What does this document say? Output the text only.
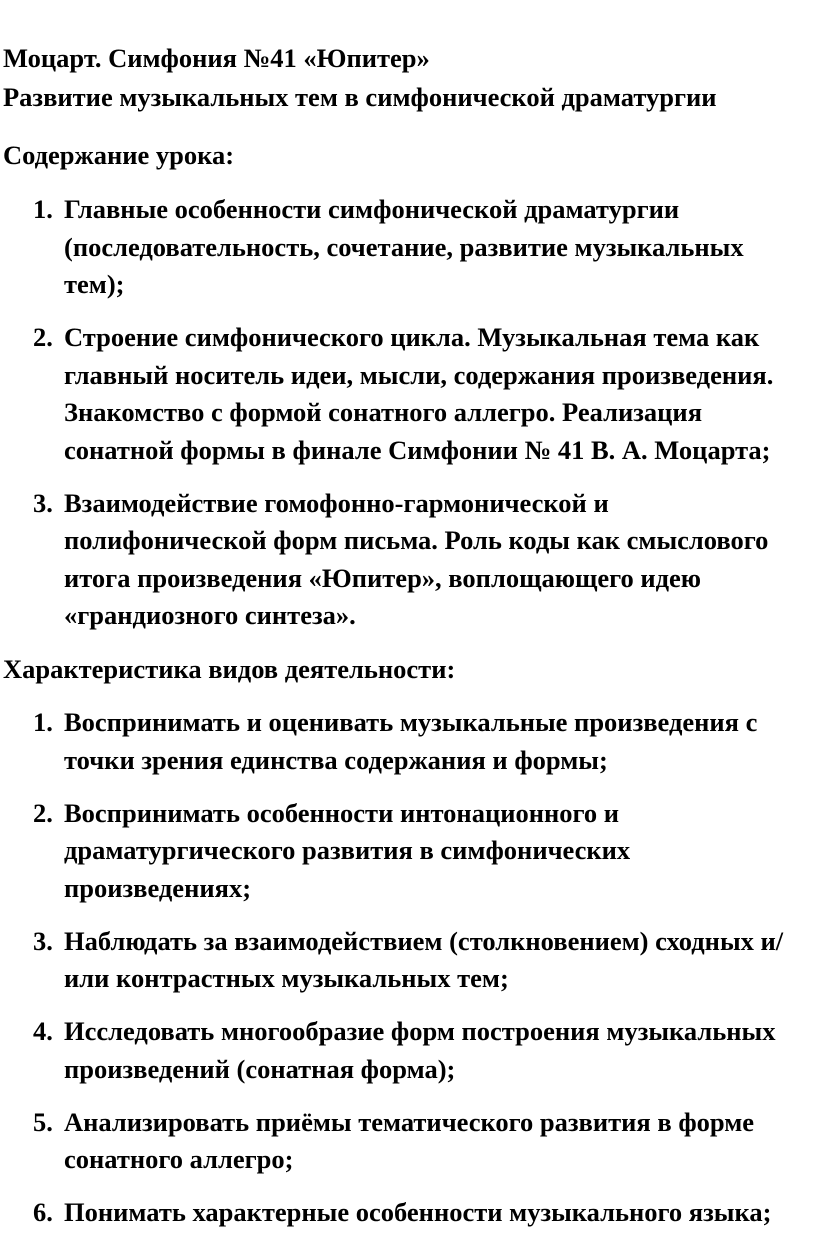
Моцарт. Симфония №41 «Юпитер»

Развитие музыкальных тем в симфонической драматургии

Содержание урока:

1. Главные особенности симфонической драматургии (последовательность, сочетание, развитие музыкальных тем);
2. Строение симфонического цикла. Музыкальная тема как главный носитель идеи, мысли, содержания произведения. Знакомство с формой сонатного аллегро. Реализация сонатной формы в финале Симфонии № 41 В. А. Моцарта;
3. Взаимодействие гомофонно-гармонической и полифонической форм письма. Роль коды как смыслового итога произведения «Юпитер», воплощающего идею «грандиозного синтеза».

Характеристика видов деятельности:

1. Воспринимать и оценивать музыкальные произведения с точки зрения единства содержания и формы;
2. Воспринимать особенности интонационного и драматургического развития в симфонических произведениях;
3. Наблюдать за взаимодействием (столкновением) сходных и/или контрастных музыкальных тем;
4. Исследовать многообразие форм построения музыкальных произведений (сонатная форма);
5. Анализировать приёмы тематического развития в форме сонатного аллегро;
6. Понимать характерные особенности музыкального языка;
